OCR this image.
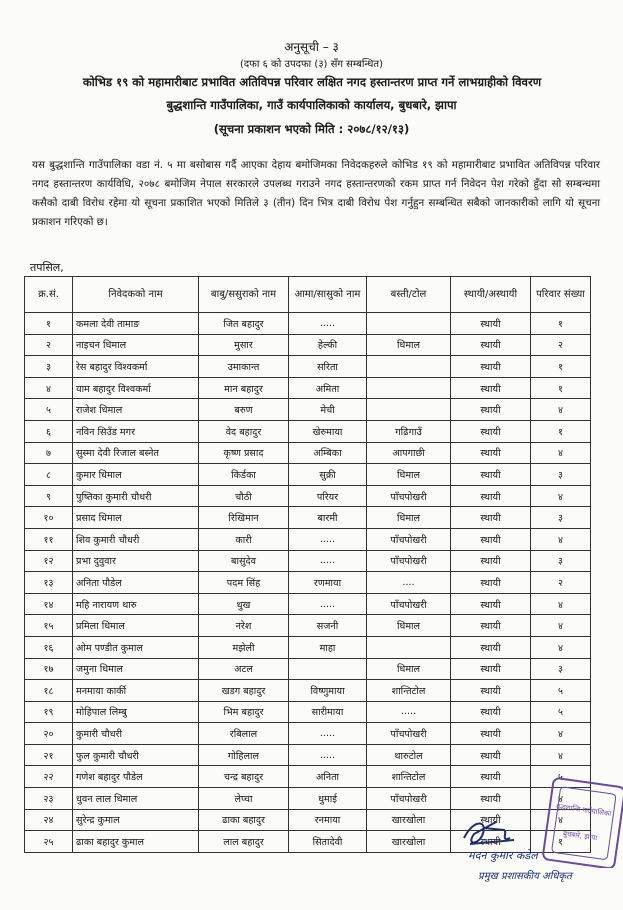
अनुसूची – ३
(दफा ६ को उपदफा (३) सँग सम्बन्धित)
कोभिड १९ को महामारीबाट प्रभावित अतिविपन्न परिवार लक्षित नगद हस्तान्तरण प्राप्त गर्ने लाभग्राहीको विवरण
बुद्धशान्ति गाउँपालिका, गाउँ कार्यपालिकाको कार्यालय, बुधबारे, झापा
(सूचना प्रकाशन भएको मिति : २०७८/१२/१३)
यस बुद्धशान्ति गाउँपालिका वडा नं. ५ मा बसोबास गर्दै आएका देहाय बमोजिमका निवेदकहरुले कोभिड १९ को महामारीबाट प्रभावित अतिविपन्न परिवार नगद हस्तान्तरण कार्यविधि, २०७८ बमोजिम नेपाल सरकारले उपलब्ध गराउने नगद हस्तान्तरणको रकम प्राप्त गर्न निवेदन पेश गरेको हुँदा सो सम्बन्धमा कसैको दाबी विरोध रहेमा यो सूचना प्रकाशित भएको मितिले ३ (तीन) दिन भित्र दाबी विरोध पेश गर्नुहुन सम्बन्धित सबैको जानकारीको लागि यो सूचना प्रकाशन गरिएको छ।
तपसिल,
क्र.सं.	निवेदकको नाम	बाबु/ससुराको नाम	आमा/सासुको नाम	बस्ती/टोल	स्थायी/अस्थायी	परिवार संख्या
१	कमला देवी तामाङ	जित बहादुर	.....		स्थायी	१
२	नाइचन धिमाल	मुसार	हेल्की	धिमाल	स्थायी	२
३	रेस बहादुर विश्वकर्मा	उमाकान्त	सरिता		स्थायी	१
४	याम बहादुर विश्वकर्मा	मान बहादुर	अमिता		स्थायी	१
५	राजेश धिमाल	बरुण	मेची		स्थायी	४
६	नविन सिउँड मगर	वेद बहादुर	खेरुमाया	गढिगाउँ	स्थायी	१
७	सुस्मा देवी रिजाल बस्नेत	कृष्ण प्रसाद	अम्बिका	आपगाछी	स्थायी	४
८	कुमार धिमाल	किर्डका	सुक्री	धिमाल	स्थायी	३
९	पुष्तिका कुमारी चौधरी	चौठी	परियर	पाँचपोखरी	स्थायी	४
१०	प्रसाद धिमाल	रिखिमान	बारमी	धिमाल	स्थायी	३
११	शिव कुमारी चौधरी	कारी	.....	पाँचपोखरी	स्थायी	४
१२	प्रभा दुवुवार	बासुदेव	.....	पाँचपोखरी	स्थायी	३
१३	अनिता पौडेल	पदम सिंह	रणमाया	....	स्थायी	२
१४	महि नारायण थारु	धुख	.....	पाँचपोखरी	स्थायी	४
१५	प्रमिला धिमाल	नरेश	सजनी	धिमाल	स्थायी	४
१६	ओम पण्डीत कुमाल	मझेली	माहा		स्थायी	४
१७	जमुना धिमाल	अटल		धिमाल	स्थायी	३
१८	मनमाया कार्की	खडग बहादुर	विष्णुमाया	शान्तिटोल	स्थायी	५
१९	मोहिपाल लिम्बु	भिम बहादुर	सारीमाया	.....	स्थायी	५
२०	कुमारी चौधरी	रबिलाल	.....	पाँचपोखरी	स्थायी	४
२१	फुल कुमारी चौधरी	गोहिलाल	.....	थारुटोल	स्थायी	४
२२	गणेश बहादुर पौडेल	चन्द्र बहादुर	अनिता	शान्तिटोल	स्थायी	५
२३	धुवन लाल धिमाल	लेप्चा	धुमाई	पाँचपोखरी	स्थायी	४
२४	सुरेन्द्र कुमाल	ढाका बहादुर	रनमाया	खारखोला	स्थायी	४
२५	ढाका बहादुर कुमाल	लाल बहादुर	सितादेवी	खारखोला	स्थायी	१
मदन कुमार कडेल
प्रमुख प्रशासकीय अधिकृत
बुद्धशान्ति गाउँपालिका
बुधबारे, झापा
